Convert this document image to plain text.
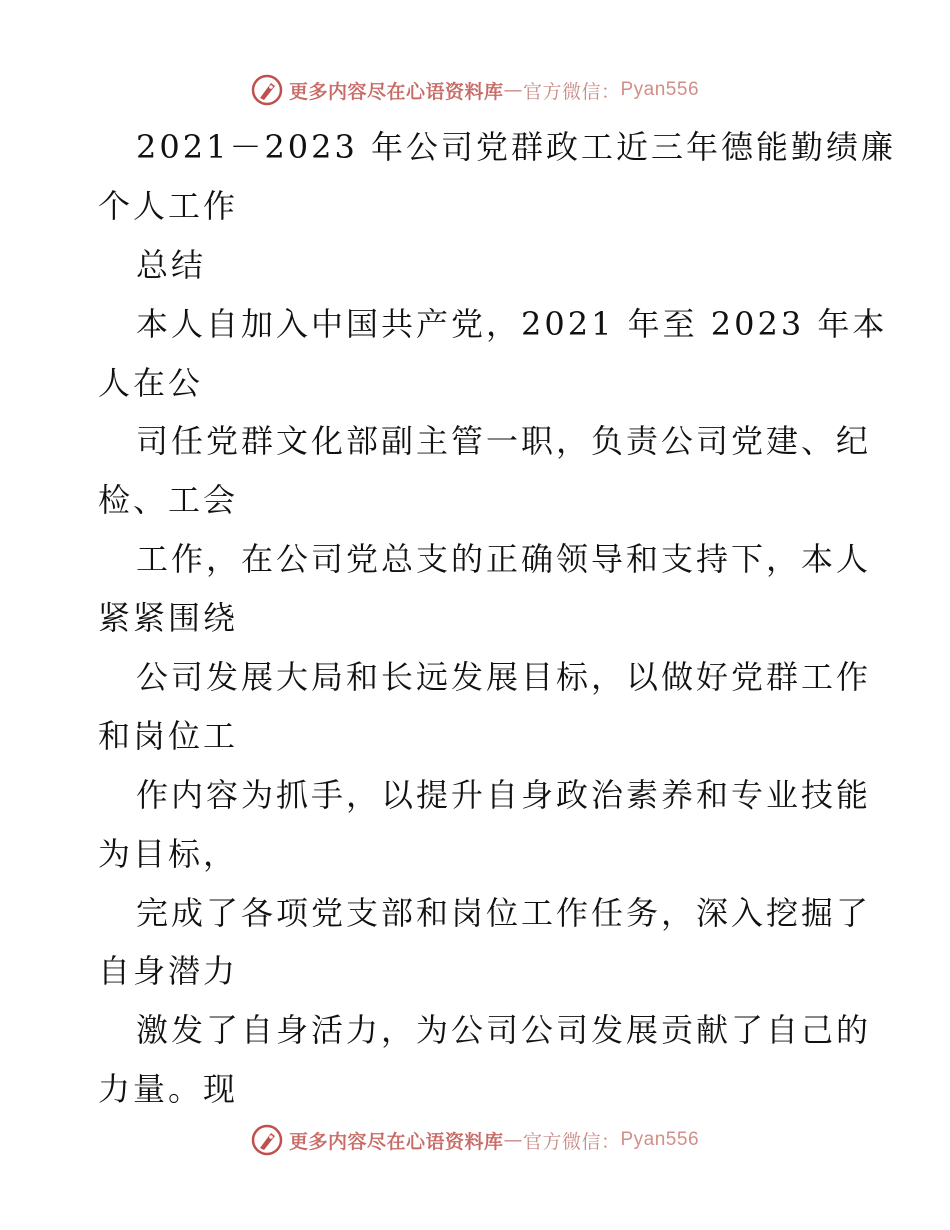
更多内容尽在心语资料库 — 官方微信： Pyan556
2021－2023 年公司党群政工近三年德能勤绩廉
个人工作
总结
本人自加入中国共产党，2021 年至 2023 年本
人在公
司任党群文化部副主管一职，负责公司党建、纪
检、工会
工作，在公司党总支的正确领导和支持下，本人
紧紧围绕
公司发展大局和长远发展目标，以做好党群工作
和岗位工
作内容为抓手，以提升自身政治素养和专业技能
为目标，
完成了各项党支部和岗位工作任务，深入挖掘了
自身潜力
激发了自身活力，为公司公司发展贡献了自己的
力量。现
更多内容尽在心语资料库 — 官方微信： Pyan556
